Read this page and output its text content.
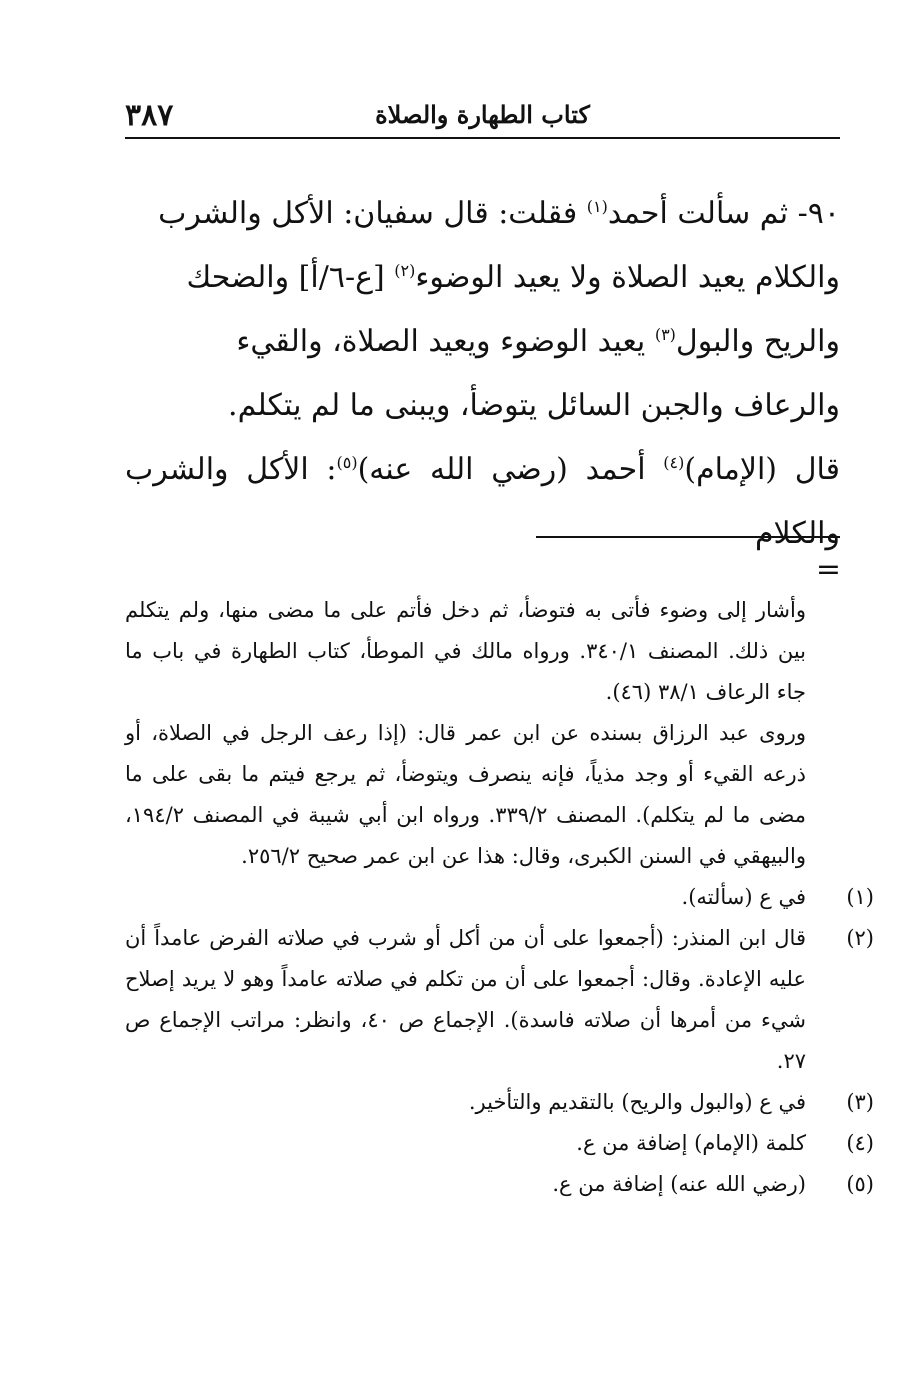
٣٨٧	كتاب الطهارة والصلاة

٩٠- ثم سألت أحمد$^{(١)}$ فقلت: قال سفيان: الأكل والشرب والكلام يعيد الصلاة ولا يعيد الوضوء$^{(٢)}$ [ع-٦/أ] والضحك والريح والبول$^{(٣)}$ يعيد الوضوء ويعيد الصلاة، والقيء والرعاف والجبن السائل يتوضأ، ويبنى ما لم يتكلم.

قال (الإمام)$^{(٤)}$ أحمد (رضي الله عنه)$^{(٥)}$: الأكل والشرب والكلام

=

وأشار إلى وضوء فأتى به فتوضأ، ثم دخل فأتم على ما مضى منها، ولم يتكلم بين ذلك. المصنف ٣٤٠/١. ورواه مالك في الموطأ، كتاب الطهارة في باب ما جاء الرعاف ٣٨/١ (٤٦).

وروى عبد الرزاق بسنده عن ابن عمر قال: (إذا رعف الرجل في الصلاة، أو ذرعه القيء أو وجد مذياً، فإنه ينصرف ويتوضأ، ثم يرجع فيتم ما بقى على ما مضى ما لم يتكلم). المصنف ٣٣٩/٢. ورواه ابن أبي شيبة في المصنف ١٩٤/٢، والبيهقي في السنن الكبرى، وقال: هذا عن ابن عمر صحيح ٢٥٦/٢.

(١)في ع (سألته).

(٢)قال ابن المنذر: (أجمعوا على أن من أكل أو شرب في صلاته الفرض عامداً أن عليه الإعادة. وقال: أجمعوا على أن من تكلم في صلاته عامداً وهو لا يريد إصلاح شيء من أمرها أن صلاته فاسدة). الإجماع ص ٤٠، وانظر: مراتب الإجماع ص ٢٧.

(٣)في ع (والبول والريح) بالتقديم والتأخير.

(٤)كلمة (الإمام) إضافة من ع.

(٥)(رضي الله عنه) إضافة من ع.
